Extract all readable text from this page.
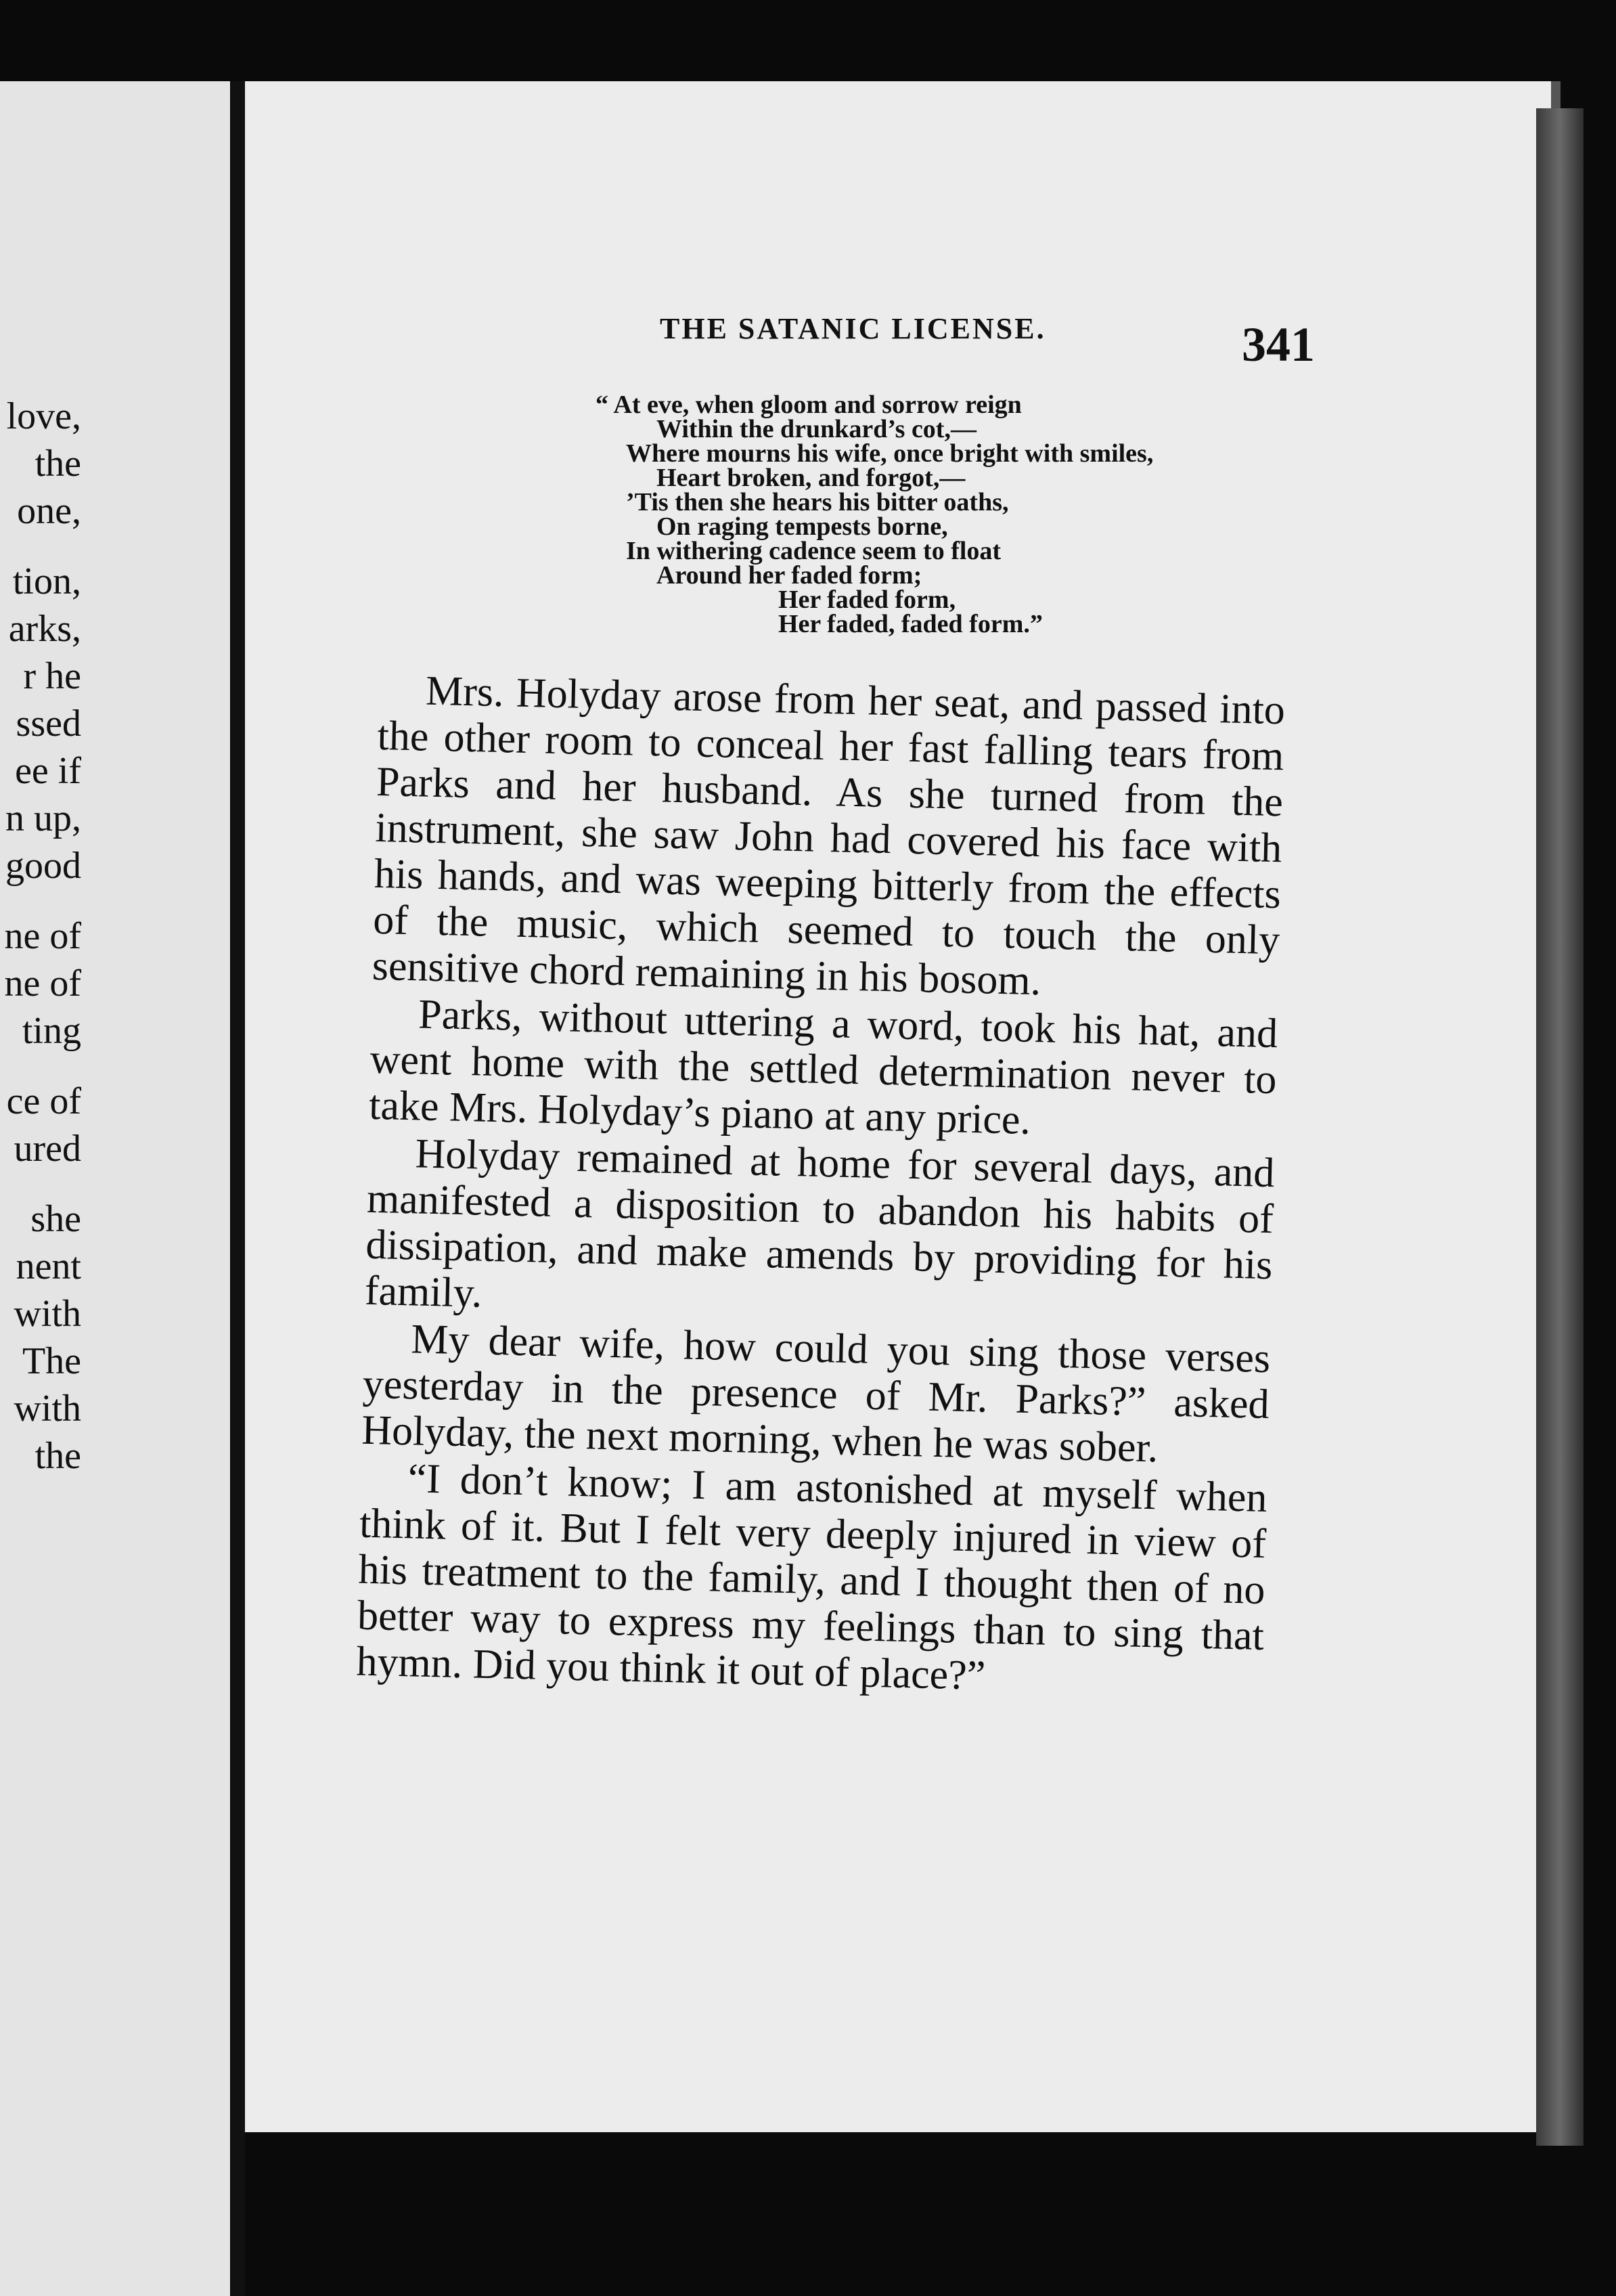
love,
the
one,
tion,
arks,
r he
ssed
ee if
n up,
good
ne of
ne of
ting
ce of
ured
she
nent
with
The
with
the
THE SATANIC LICENSE.	341
“ At eve, when gloom and sorrow reign
Within the drunkard’s cot,—
Where mourns his wife, once bright with smiles,
Heart broken, and forgot,—
’Tis then she hears his bitter oaths,
On raging tempests borne,
In withering cadence seem to float
Around her faded form;
Her faded form,
Her faded, faded form.”

Mrs. Holyday arose from her seat, and passed into the other room to conceal her fast falling tears from Parks and her husband. As she turned from the instrument, she saw John had covered his face with his hands, and was weeping bitterly from the effects of the music, which seemed to touch the only sensitive chord remaining in his bosom.

Parks, without uttering a word, took his hat, and went home with the settled determination never to take Mrs. Holyday’s piano at any price.

Holyday remained at home for several days, and manifested a disposition to abandon his habits of dissipation, and make amends by providing for his family.

My dear wife, how could you sing those verses yesterday in the presence of Mr. Parks?” asked Holyday, the next morning, when he was sober.

“I don’t know; I am astonished at myself when think of it. But I felt very deeply injured in view of his treatment to the family, and I thought then of no better way to express my feelings than to sing that hymn. Did you think it out of place?”
